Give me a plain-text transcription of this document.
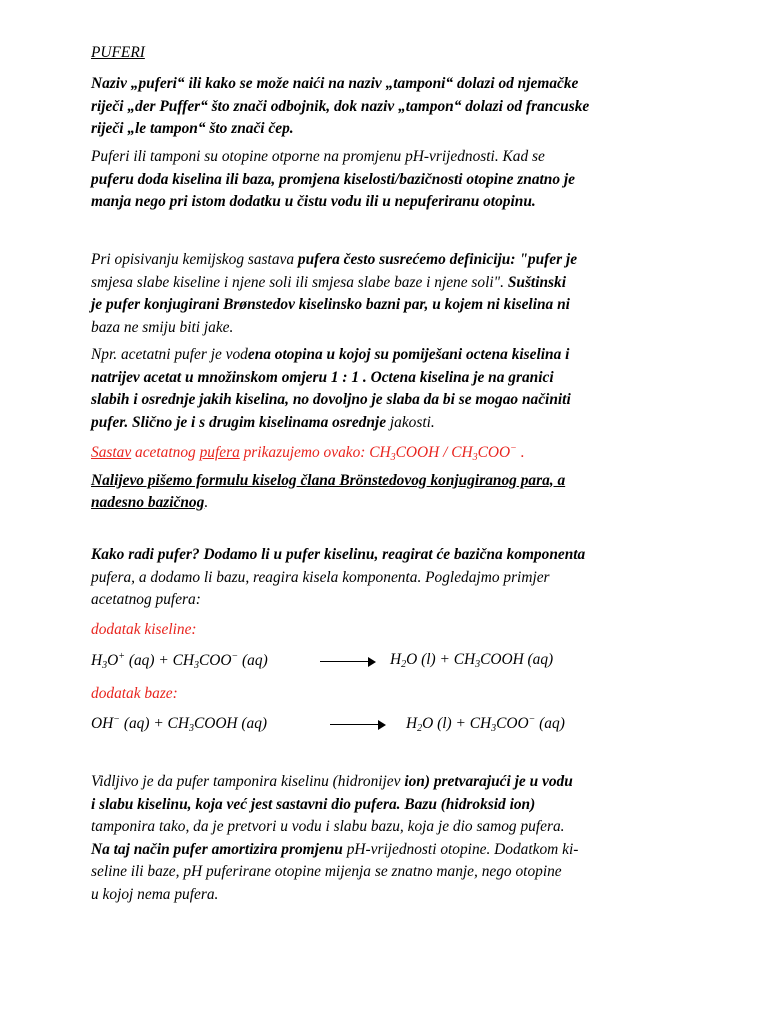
PUFERI
Naziv „puferi“ ili kako se može naići na naziv „tamponi“ dolazi od njemačke
riječi „der Puffer“ što znači odbojnik, dok naziv „tampon“ dolazi od francuske
riječi „le tampon“ što znači čep.
Puferi ili tamponi su otopine otporne na promjenu pH-vrijednosti. Kad se
puferu doda kiselina ili baza, promjena kiselosti/bazičnosti otopine znatno je
manja nego pri istom dodatku u čistu vodu ili u nepuferiranu otopinu.
Pri opisivanju kemijskog sastava pufera često susrećemo definiciju: "pufer je
smjesa slabe kiseline i njene soli ili smjesa slabe baze i njene soli". Suštinski
je pufer konjugirani Brønstedov kiselinsko bazni par, u kojem ni kiselina ni
baza ne smiju biti jake.
Npr. acetatni pufer je vodena otopina u kojoj su pomiješani octena kiselina i
natrijev acetat u množinskom omjeru 1 : 1 . Octena kiselina je na granici
slabih i osrednje jakih kiselina, no dovoljno je slaba da bi se mogao načiniti
pufer. Slično je i s drugim kiselinama osrednje jakosti.
Sastav acetatnog pufera prikazujemo ovako: $CH_3COOH / CH_3COO^-$ .
Nalijevo pišemo formulu kiselog člana Brönstedovog konjugiranog para, a
nadesno bazičnog.
Kako radi pufer? Dodamo li u pufer kiselinu, reagirat će bazična komponenta
pufera, a dodamo li bazu, reagira kisela komponenta. Pogledajmo primjer
acetatnog pufera:
dodatak kiseline:
$H_3O^+$ $(aq) + CH_3COO^-$ (aq)	$H_2O$ $(l) + CH_3COOH$ (aq)
dodatak baze:
OH− $(aq) + CH_3COOH$ (aq)	$H_2O$ $(l) + CH_3COO^-$ (aq)
Vidljivo je da pufer tamponira kiselinu (hidronijev ion) pretvarajući je u vodu
i slabu kiselinu, koja već jest sastavni dio pufera. Bazu (hidroksid ion)
tamponira tako, da je pretvori u vodu i slabu bazu, koja je dio samog pufera.
Na taj način pufer amortizira promjenu pH-vrijednosti otopine. Dodatkom ki-
seline ili baze, pH puferirane otopine mijenja se znatno manje, nego otopine
u kojoj nema pufera.
